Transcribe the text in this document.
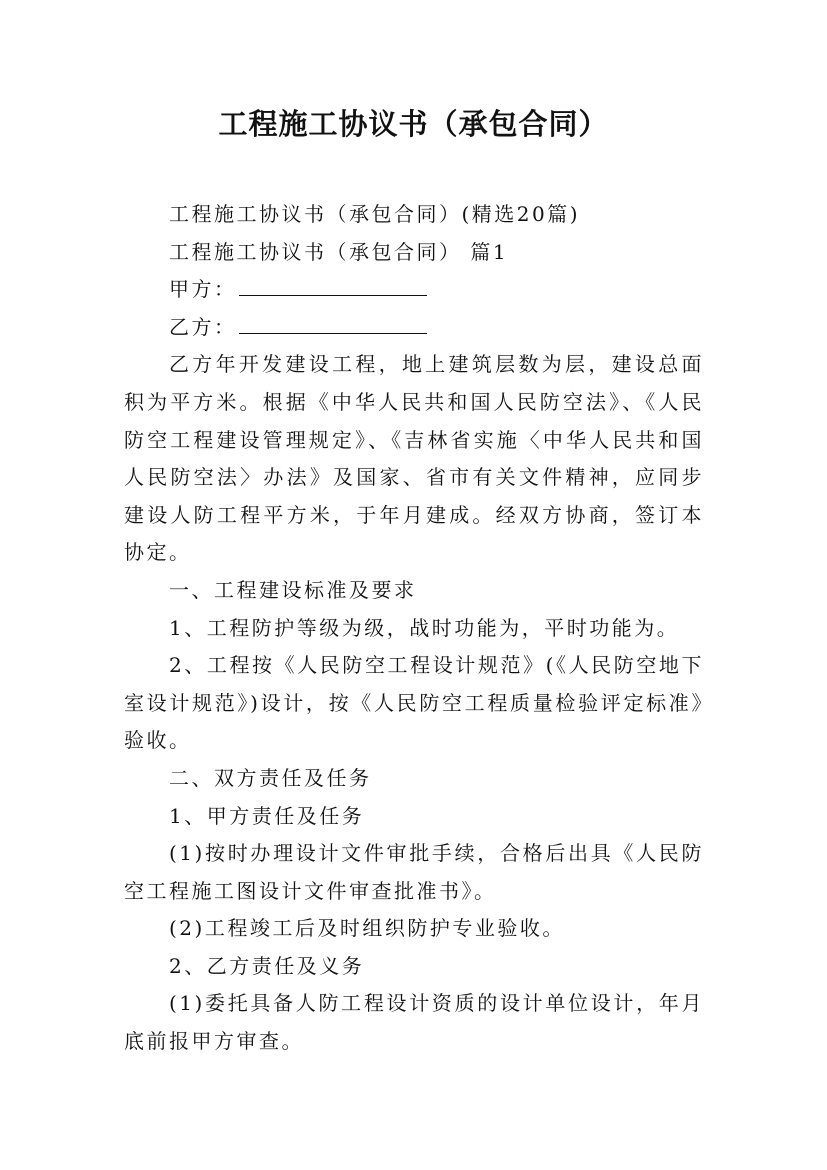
工程施工协议书（承包合同）

工程施工协议书（承包合同）(精选20篇)

工程施工协议书（承包合同） 篇1

甲方：

乙方：

乙方年开发建设工程，地上建筑层数为层，建设总面积为平方米。根据《中华人民共和国人民防空法》、《人民防空工程建设管理规定》、《吉林省实施〈中华人民共和国人民防空法〉办法》及国家、省市有关文件精神，应同步建设人防工程平方米，于年月建成。经双方协商，签订本协定。

一、工程建设标准及要求

1、工程防护等级为级，战时功能为，平时功能为。

2、工程按《人民防空工程设计规范》(《人民防空地下室设计规范》)设计，按《人民防空工程质量检验评定标准》验收。

二、双方责任及任务

1、甲方责任及任务

(1)按时办理设计文件审批手续，合格后出具《人民防空工程施工图设计文件审查批准书》。

(2)工程竣工后及时组织防护专业验收。

2、乙方责任及义务

(1)委托具备人防工程设计资质的设计单位设计，年月底前报甲方审查。
